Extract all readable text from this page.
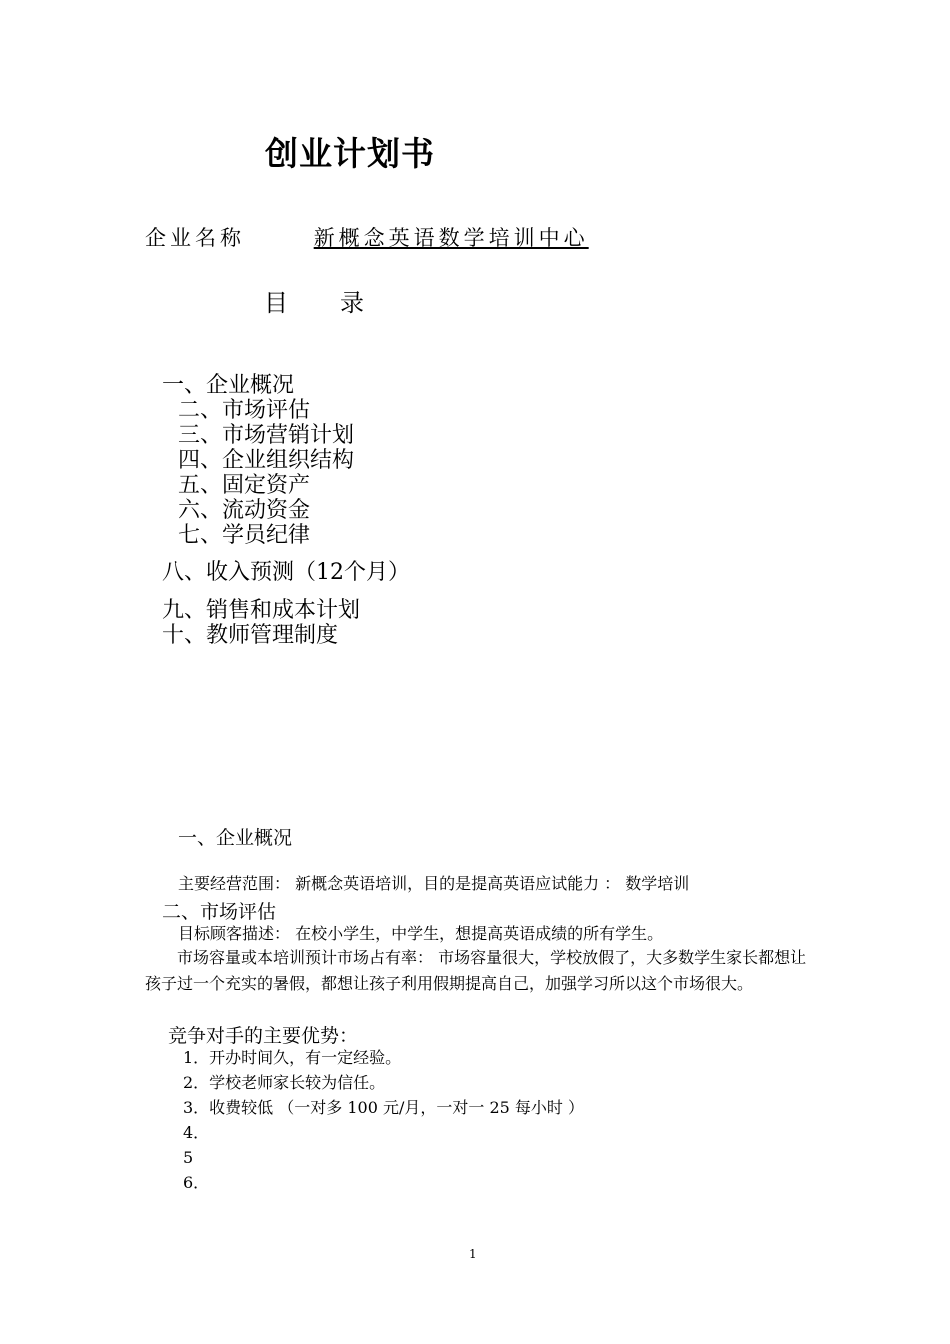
创业计划书
企业名称	新概念英语数学培训中心
目录
一、企业概况
二、市场评估
三、市场营销计划
四、企业组织结构
五、固定资产
六、流动资金
七、学员纪律
八、收入预测（12个月）
九、销售和成本计划
十、教师管理制度
一、企业概况
主要经营范围： 新概念英语培训，目的是提高英语应试能力 ： 数学培训
二、市场评估
目标顾客描述： 在校小学生，中学生，想提高英语成绩的所有学生。
市场容量或本培训预计市场占有率： 市场容量很大，学校放假了，大多数学生家长都想让孩子过一个充实的暑假，都想让孩子利用假期提高自己，加强学习所以这个市场很大。
竞争对手的主要优势：
1．开办时间久，有一定经验。
2．学校老师家长较为信任。
3．收费较低 （一对多 100 元/月，一对一 25 每小时 ）
4．
5
6．
1
